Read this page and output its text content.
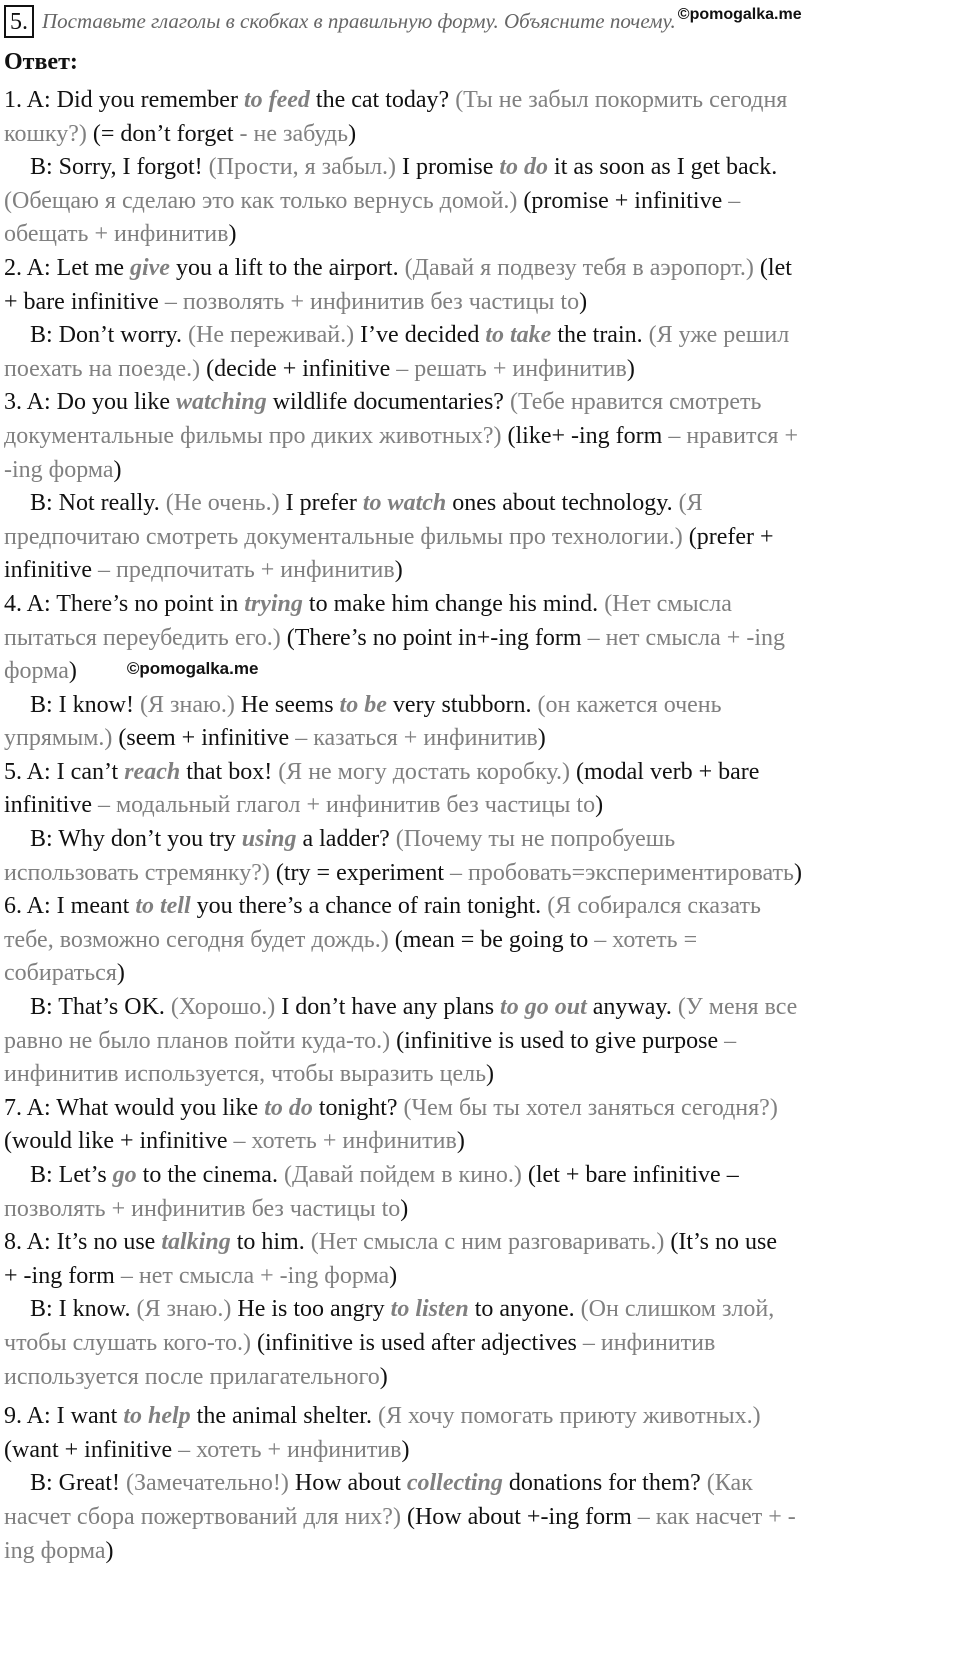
5. Поставьте глаголы в скобках в правильную форму. Объясните почему. ©pomogalka.me
Ответ:
1. A: Did you remember to feed the cat today? (Ты не забыл покормить сегодня
кошку?) (= don’t forget - не забудь)
B: Sorry, I forgot! (Прости, я забыл.) I promise to do it as soon as I get back.
(Обещаю я сделаю это как только вернусь домой.) (promise + infinitive –
обещать + инфинитив)
2. A: Let me give you a lift to the airport. (Давай я подвезу тебя в аэропорт.) (let
+ bare infinitive – позволять + инфинитив без частицы to)
B: Don’t worry. (Не переживай.) I’ve decided to take the train. (Я уже решил
поехать на поезде.) (decide + infinitive – решать + инфинитив)
3. A: Do you like watching wildlife documentaries? (Тебе нравится смотреть
документальные фильмы про диких животных?) (like+ -ing form – нравится +
-ing форма)
B: Not really. (Не очень.) I prefer to watch ones about technology. (Я
предпочитаю смотреть документальные фильмы про технологии.) (prefer +
infinitive – предпочитать + инфинитив)
4. A: There’s no point in trying to make him change his mind. (Нет смысла
пытаться переубедить его.) (There’s no point in+-ing form – нет смысла + -ing
форма)	©pomogalka.me
B: I know! (Я знаю.) He seems to be very stubborn. (он кажется очень
упрямым.) (seem + infinitive – казаться + инфинитив)
5. A: I can’t reach that box! (Я не могу достать коробку.) (modal verb + bare
infinitive – модальный глагол + инфинитив без частицы to)
B: Why don’t you try using a ladder? (Почему ты не попробуешь
использовать стремянку?) (try = experiment – пробовать=экспериментировать)
6. A: I meant to tell you there’s a chance of rain tonight. (Я собирался сказать
тебе, возможно сегодня будет дождь.) (mean = be going to – хотеть =
собираться)
B: That’s OK. (Хорошо.) I don’t have any plans to go out anyway. (У меня все
равно не было планов пойти куда-то.) (infinitive is used to give purpose –
инфинитив используется, чтобы выразить цель)
7. A: What would you like to do tonight? (Чем бы ты хотел заняться сегодня?)
(would like + infinitive – хотеть + инфинитив)
B: Let’s go to the cinema. (Давай пойдем в кино.) (let + bare infinitive –
позволять + инфинитив без частицы to)
8. A: It’s no use talking to him. (Нет смысла с ним разговаривать.) (It’s no use
+ -ing form – нет смысла + -ing форма)
B: I know. (Я знаю.) He is too angry to listen to anyone. (Он слишком злой,
чтобы слушать кого-то.) (infinitive is used after adjectives – инфинитив
используется после прилагательного)
9. A: I want to help the animal shelter. (Я хочу помогать приюту животных.)
(want + infinitive – хотеть + инфинитив)
B: Great! (Замечательно!) How about collecting donations for them? (Как
насчет сбора пожертвований для них?) (How about +-ing form – как насчет + -
ing форма)
